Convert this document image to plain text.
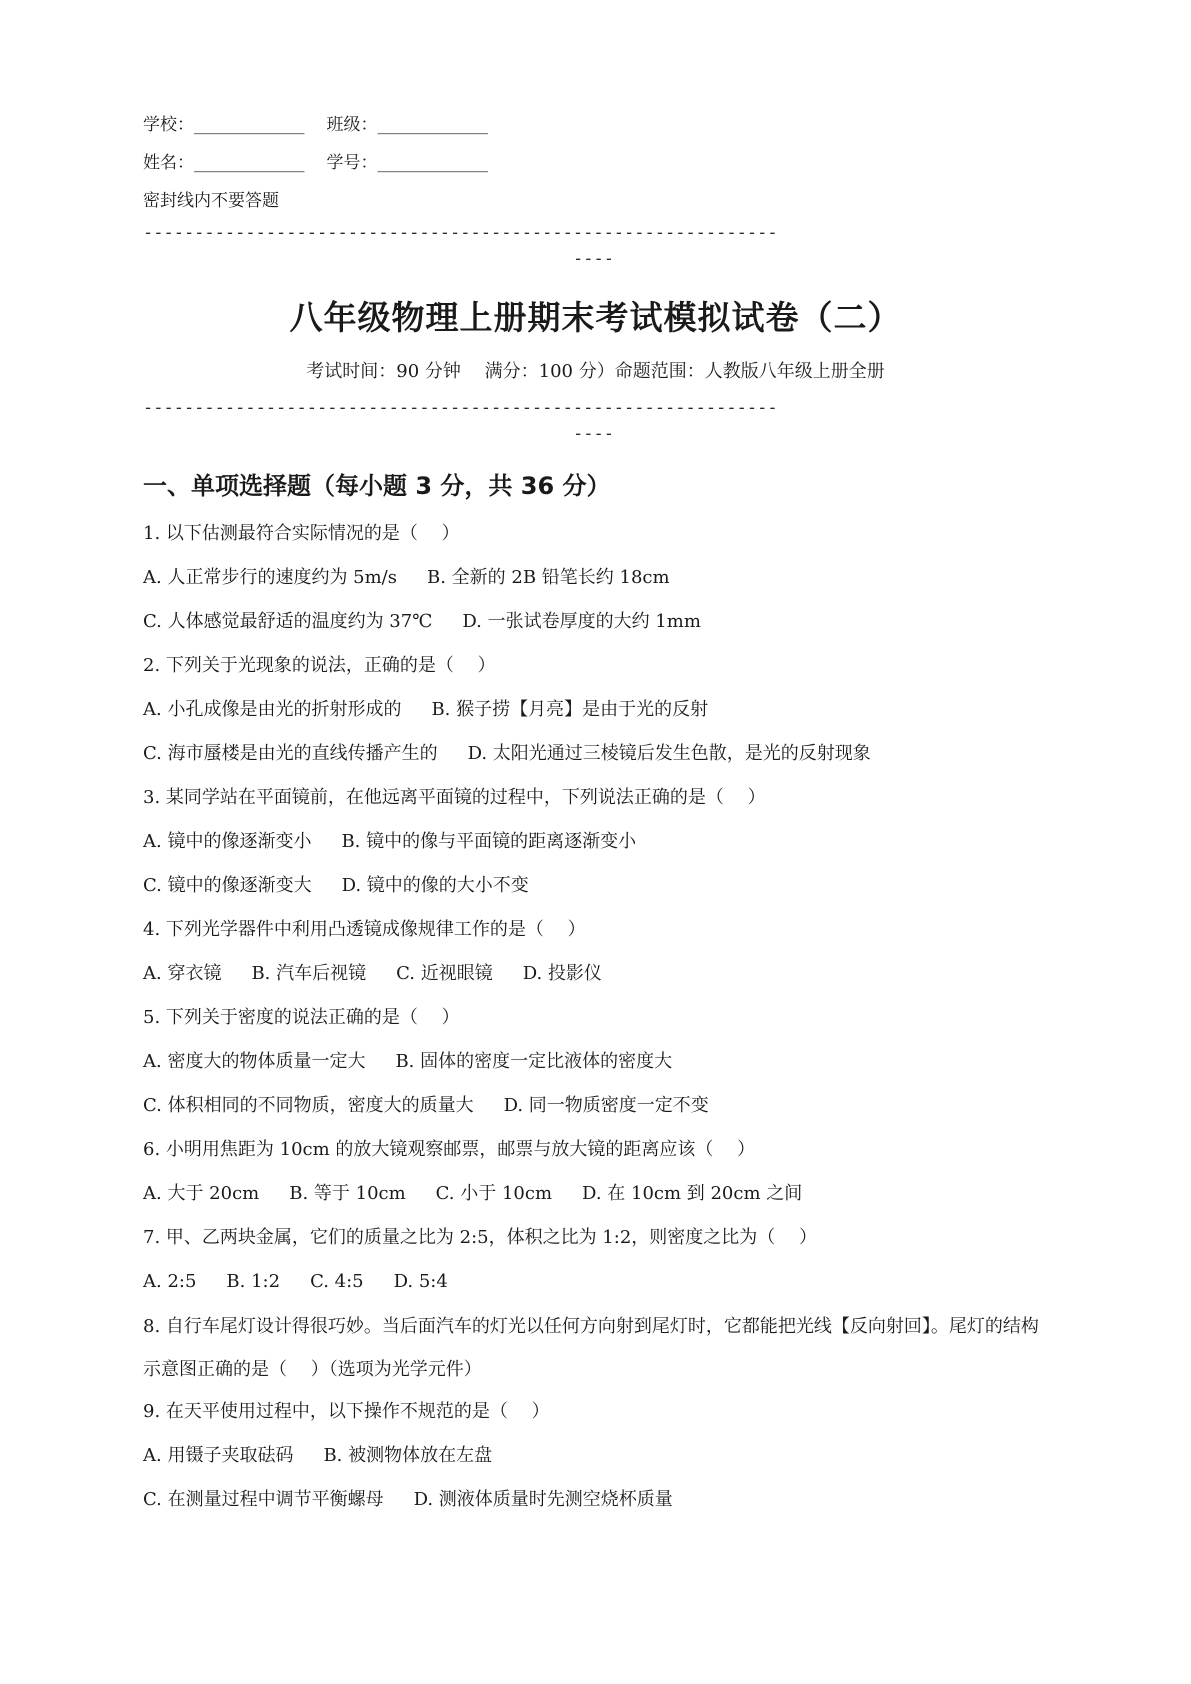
学校：_____________ 班级：_____________
姓名：_____________ 学号：_____________
密封线内不要答题
--------------------------------------------------------------
----
八年级物理上册期末考试模拟试卷（二）
考试时间：90 分钟　 满分：100 分）命题范围：人教版八年级上册全册
--------------------------------------------------------------
----
一、单项选择题（每小题 3 分，共 36 分）
1. 以下估测最符合实际情况的是（　 ）
A. 人正常步行的速度约为 5m/s B. 全新的 2B 铅笔长约 18cm
C. 人体感觉最舒适的温度约为 37℃ D. 一张试卷厚度的大约 1mm
2. 下列关于光现象的说法，正确的是（　 ）
A. 小孔成像是由光的折射形成的 B. 猴子捞【月亮】是由于光的反射
C. 海市蜃楼是由光的直线传播产生的 D. 太阳光通过三棱镜后发生色散，是光的反射现象
3. 某同学站在平面镜前，在他远离平面镜的过程中，下列说法正确的是（　 ）
A. 镜中的像逐渐变小 B. 镜中的像与平面镜的距离逐渐变小
C. 镜中的像逐渐变大 D. 镜中的像的大小不变
4. 下列光学器件中利用凸透镜成像规律工作的是（　 ）
A. 穿衣镜 B. 汽车后视镜 C. 近视眼镜 D. 投影仪
5. 下列关于密度的说法正确的是（　 ）
A. 密度大的物体质量一定大 B. 固体的密度一定比液体的密度大
C. 体积相同的不同物质，密度大的质量大 D. 同一物质密度一定不变
6. 小明用焦距为 10cm 的放大镜观察邮票，邮票与放大镜的距离应该（　 ）
A. 大于 20cm B. 等于 10cm C. 小于 10cm D. 在 10cm 到 20cm 之间
7. 甲、乙两块金属，它们的质量之比为 2:5，体积之比为 1:2，则密度之比为（　 ）
A. 2:5 B. 1:2 C. 4:5 D. 5:4
8. 自行车尾灯设计得很巧妙。当后面汽车的灯光以任何方向射到尾灯时，它都能把光线【反向射回】。尾灯的结构示意图正确的是（　 ）（选项为光学元件）
9. 在天平使用过程中，以下操作不规范的是（　 ）
A. 用镊子夹取砝码 B. 被测物体放在左盘
C. 在测量过程中调节平衡螺母 D. 测液体质量时先测空烧杯质量
